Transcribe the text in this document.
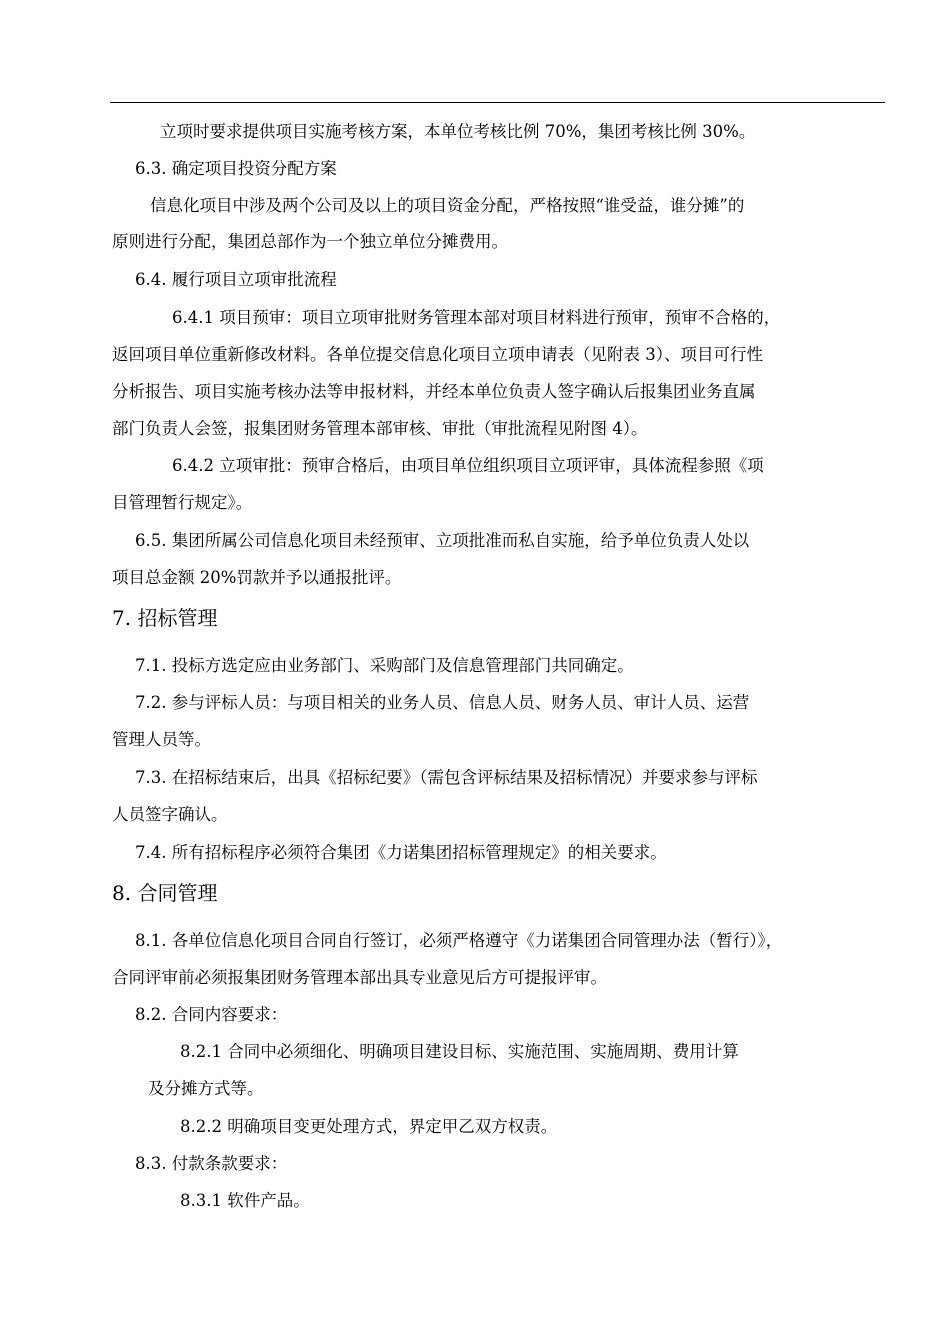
立项时要求提供项目实施考核方案，本单位考核比例 70%，集团考核比例 30%。
6.3. 确定项目投资分配方案
信息化项目中涉及两个公司及以上的项目资金分配，严格按照“谁受益，谁分摊”的
原则进行分配，集团总部作为一个独立单位分摊费用。
6.4. 履行项目立项审批流程
6.4.1 项目预审：项目立项审批财务管理本部对项目材料进行预审，预审不合格的，
返回项目单位重新修改材料。各单位提交信息化项目立项申请表（见附表 3）、项目可行性
分析报告、项目实施考核办法等申报材料，并经本单位负责人签字确认后报集团业务直属
部门负责人会签，报集团财务管理本部审核、审批（审批流程见附图 4）。
6.4.2 立项审批：预审合格后，由项目单位组织项目立项评审，具体流程参照《项
目管理暂行规定》。
6.5. 集团所属公司信息化项目未经预审、立项批准而私自实施，给予单位负责人处以
项目总金额 20%罚款并予以通报批评。
7. 招标管理
7.1. 投标方选定应由业务部门、采购部门及信息管理部门共同确定。
7.2. 参与评标人员：与项目相关的业务人员、信息人员、财务人员、审计人员、运营
管理人员等。
7.3. 在招标结束后，出具《招标纪要》（需包含评标结果及招标情况）并要求参与评标
人员签字确认。
7.4. 所有招标程序必须符合集团《力诺集团招标管理规定》的相关要求。
8. 合同管理
8.1. 各单位信息化项目合同自行签订，必须严格遵守《力诺集团合同管理办法（暂行）》，
合同评审前必须报集团财务管理本部出具专业意见后方可提报评审。
8.2. 合同内容要求：
8.2.1 合同中必须细化、明确项目建设目标、实施范围、实施周期、费用计算
及分摊方式等。
8.2.2 明确项目变更处理方式，界定甲乙双方权责。
8.3. 付款条款要求：
8.3.1 软件产品。
